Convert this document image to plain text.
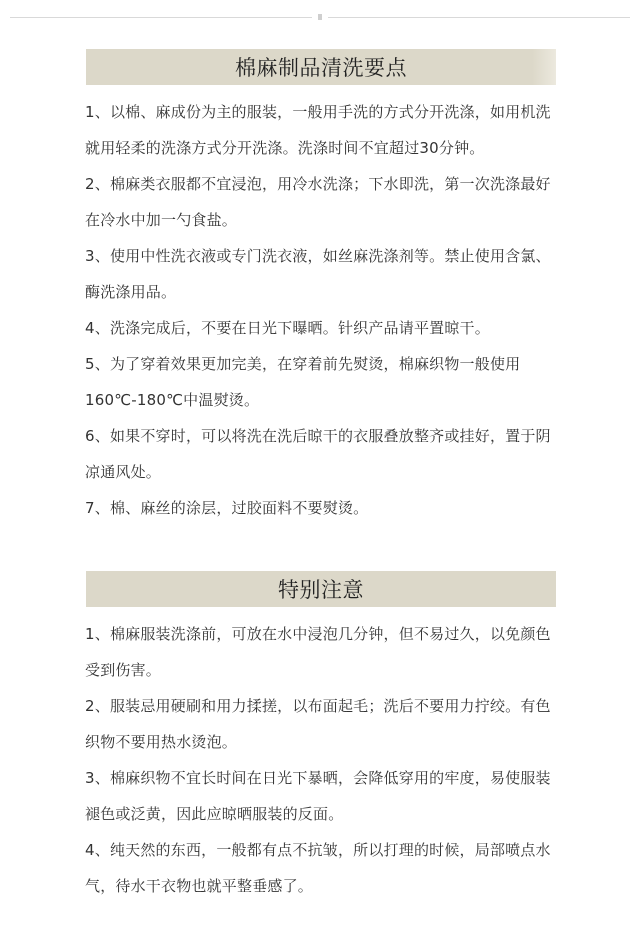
棉麻制品清洗要点

1、以棉、麻成份为主的服装，一般用手洗的方式分开洗涤，如用机洗就用轻柔的洗涤方式分开洗涤。洗涤时间不宜超过30分钟。

2、棉麻类衣服都不宜浸泡，用冷水洗涤；下水即洗，第一次洗涤最好在冷水中加一勺食盐。

3、使用中性洗衣液或专门洗衣液，如丝麻洗涤剂等。禁止使用含氯、酶洗涤用品。

4、洗涤完成后，不要在日光下曝晒。针织产品请平置晾干。

5、为了穿着效果更加完美，在穿着前先熨烫，棉麻织物一般使用160℃-180℃中温熨烫。

6、如果不穿时，可以将洗在洗后晾干的衣服叠放整齐或挂好，置于阴凉通风处。

7、棉、麻丝的涂层，过胶面料不要熨烫。

特别注意

1、棉麻服装洗涤前，可放在水中浸泡几分钟，但不易过久，以免颜色受到伤害。

2、服装忌用硬刷和用力揉搓，以布面起毛；洗后不要用力拧绞。有色织物不要用热水烫泡。

3、棉麻织物不宜长时间在日光下暴晒，会降低穿用的牢度，易使服装褪色或泛黄，因此应晾晒服装的反面。

4、纯天然的东西，一般都有点不抗皱，所以打理的时候，局部喷点水气，待水干衣物也就平整垂感了。
